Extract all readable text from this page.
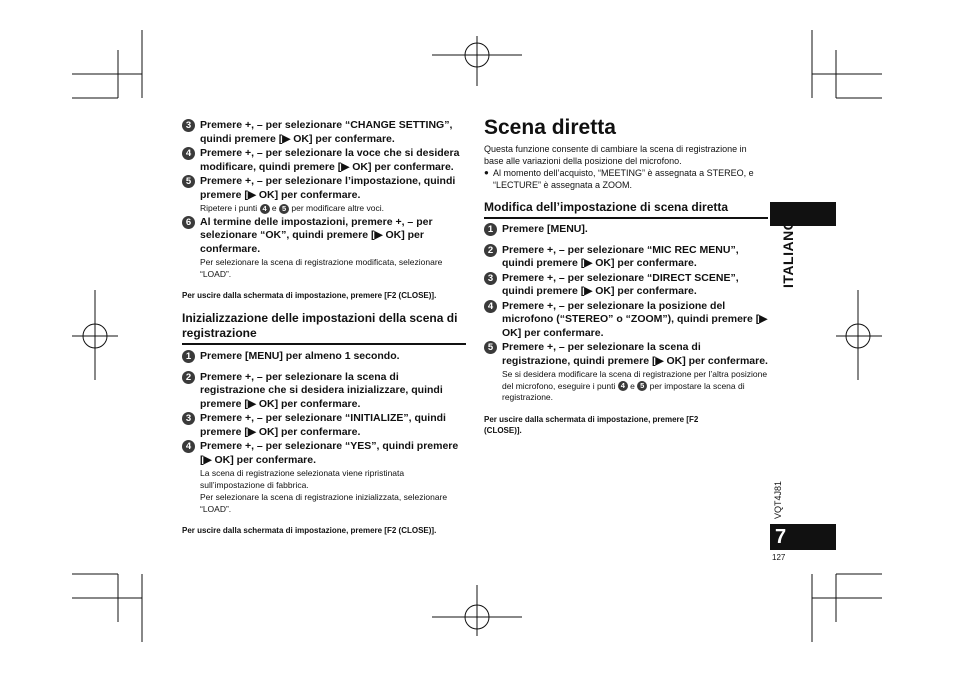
3 Premere +, – per selezionare “CHANGE SETTING”, quindi premere [▶ OK] per confermare.
4 Premere +, – per selezionare la voce che si desidera modificare, quindi premere [▶ OK] per confermare.
5 Premere +, – per selezionare l’impostazione, quindi premere [▶ OK] per confermare.
Ripetere i punti 4 e 5 per modificare altre voci.
6 Al termine delle impostazioni, premere +, – per selezionare “OK”, quindi premere [▶ OK] per confermare.
Per selezionare la scena di registrazione modificata, selezionare “LOAD”.
Per uscire dalla schermata di impostazione, premere [F2 (CLOSE)].
Inizializzazione delle impostazioni della scena di registrazione
1 Premere [MENU] per almeno 1 secondo.
2 Premere +, – per selezionare la scena di registrazione che si desidera inizializzare, quindi premere [▶ OK] per confermare.
3 Premere +, – per selezionare “INITIALIZE”, quindi premere [▶ OK] per confermare.
4 Premere +, – per selezionare “YES”, quindi premere [▶ OK] per confermare.
La scena di registrazione selezionata viene ripristinata sull’impostazione di fabbrica.
Per selezionare la scena di registrazione inizializzata, selezionare “LOAD”.
Per uscire dalla schermata di impostazione, premere [F2 (CLOSE)].
Scena diretta
Questa funzione consente di cambiare la scena di registrazione in base alle variazioni della posizione del microfono.
● Al momento dell’acquisto, “MEETING” è assegnata a STEREO, e “LECTURE” è assegnata a ZOOM.
Modifica dell’impostazione di scena diretta
1 Premere [MENU].
2 Premere +, – per selezionare “MIC REC MENU”, quindi premere [▶ OK] per confermare.
3 Premere +, – per selezionare “DIRECT SCENE”, quindi premere [▶ OK] per confermare.
4 Premere +, – per selezionare la posizione del microfono (“STEREO” o “ZOOM”), quindi premere [▶ OK] per confermare.
5 Premere +, – per selezionare la scena di registrazione, quindi premere [▶ OK] per confermare.
Se si desidera modificare la scena di registrazione per l’altra posizione del microfono, eseguire i punti 4 e 5 per impostare la scena di registrazione.
Per uscire dalla schermata di impostazione, premere [F2 (CLOSE)].
ITALIANO
VQT4J81
7
127
